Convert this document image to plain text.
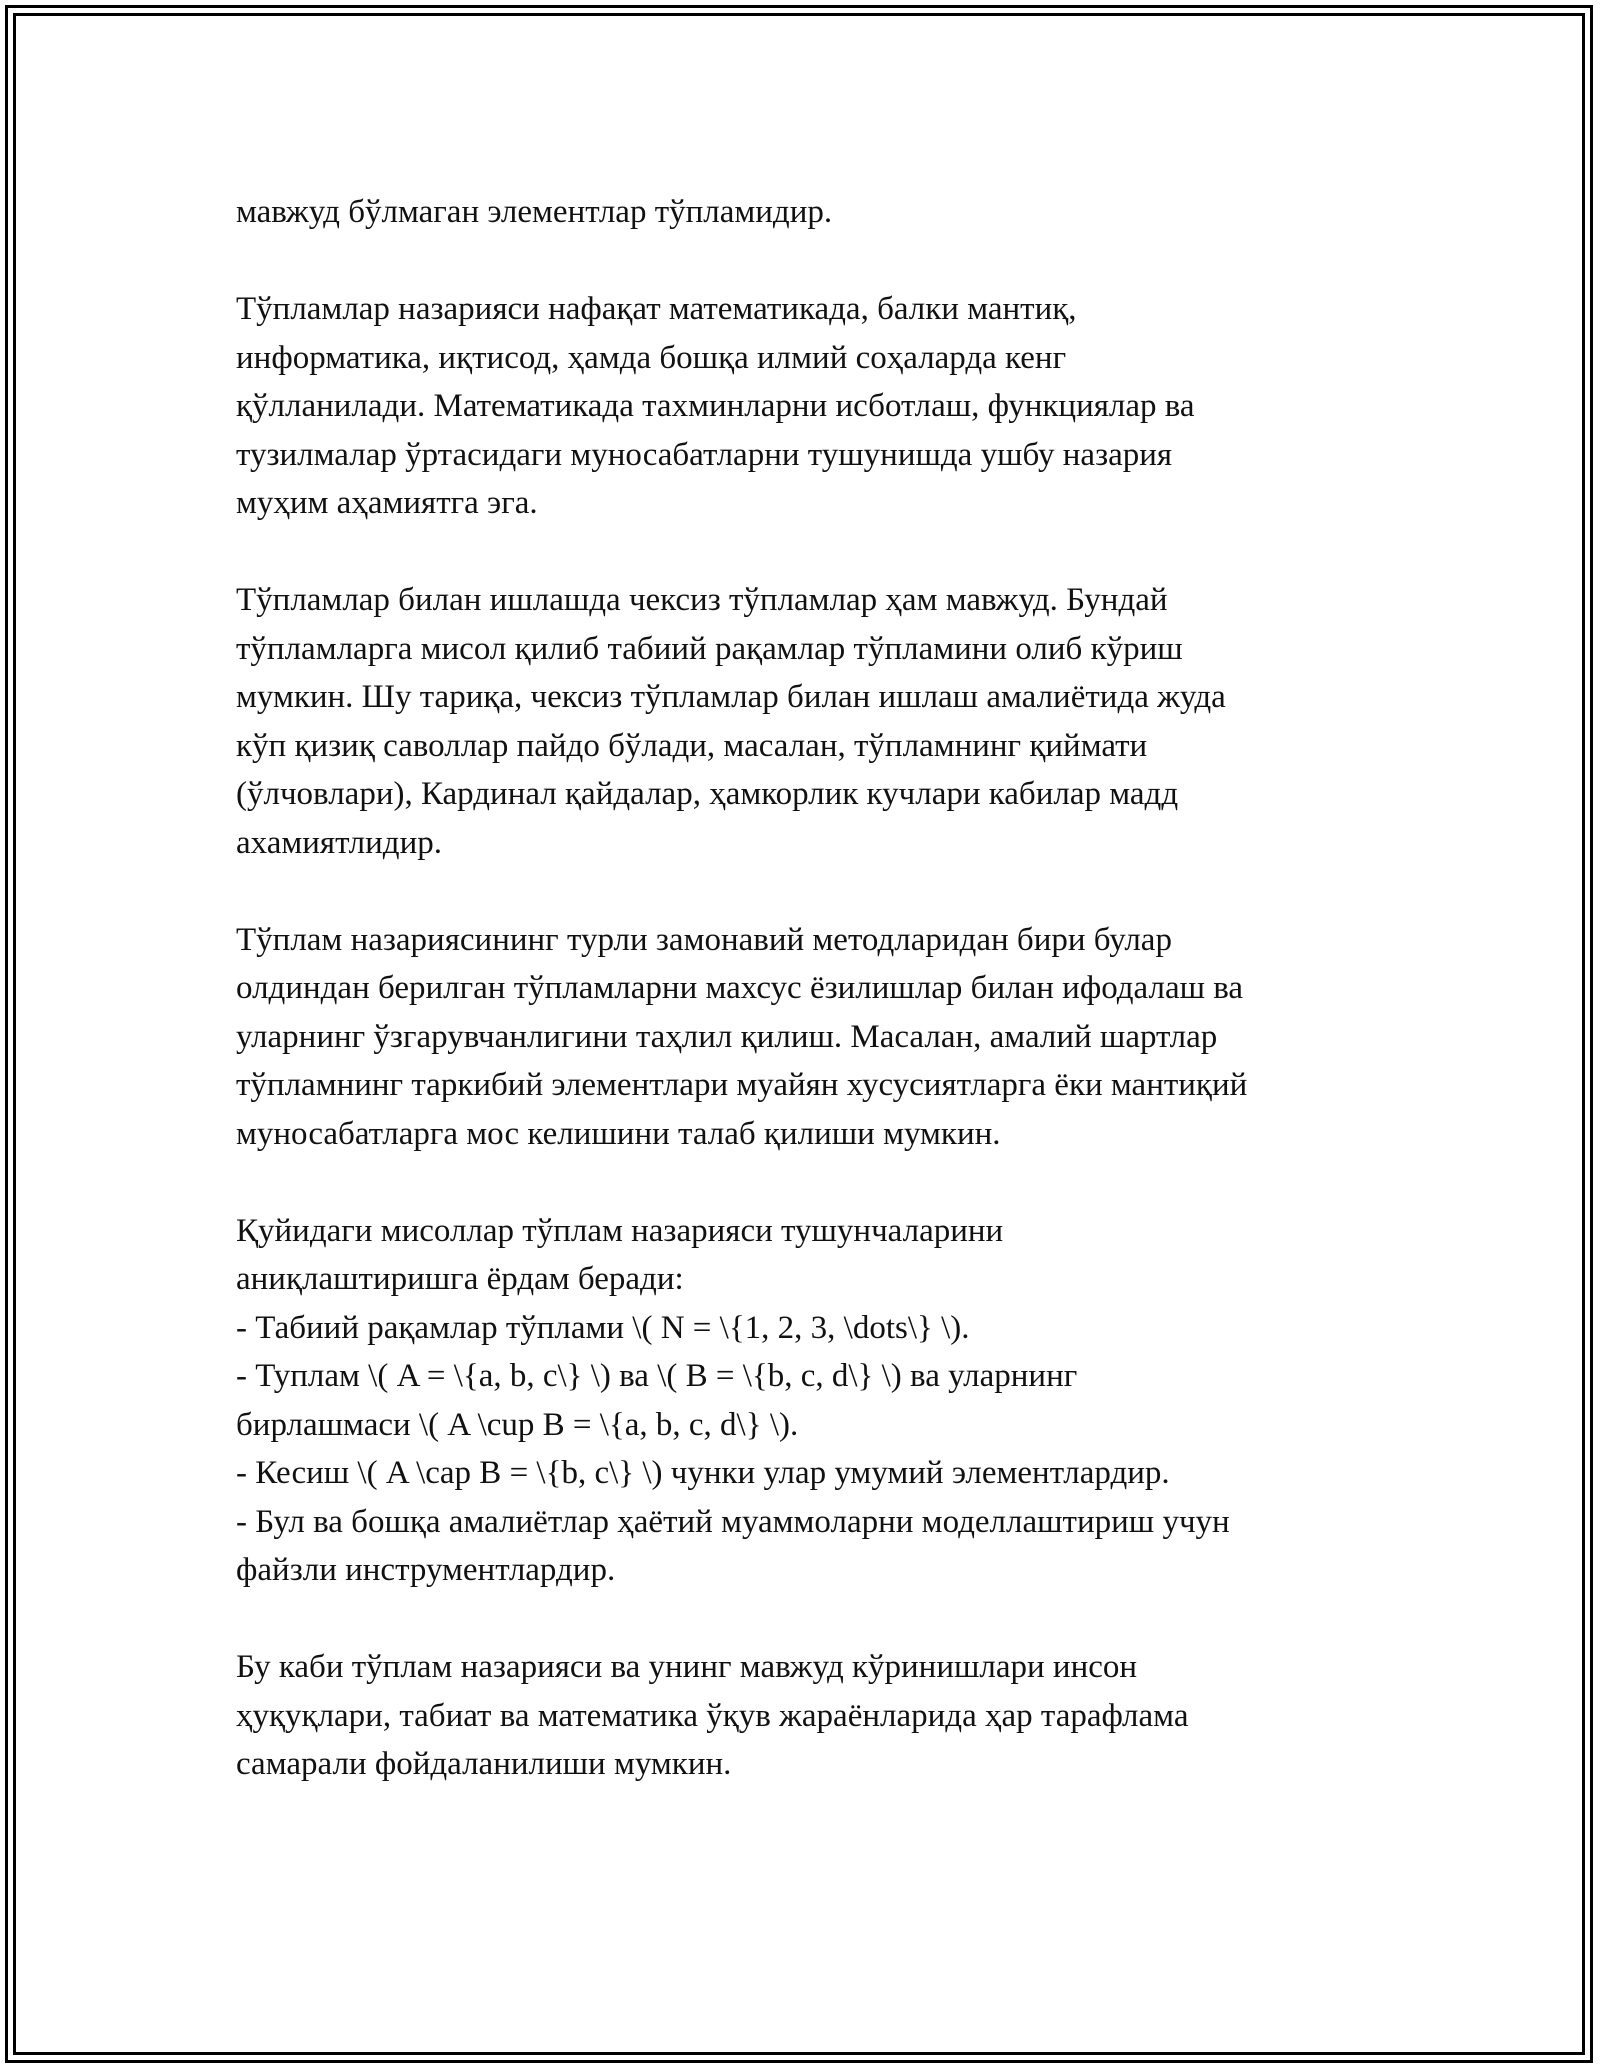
мавжуд бўлмаган элементлар тўпламидир.

Тўпламлар назарияси нафақат математикада, балки мантиқ,
информатика, иқтисод, ҳамда бошқа илмий соҳаларда кенг
қўлланилади. Математикада тахминларни исботлаш, функциялар ва
тузилмалар ўртасидаги муносабатларни тушунишда ушбу назария
муҳим аҳамиятга эга.

Тўпламлар билан ишлашда чексиз тўпламлар ҳам мавжуд. Бундай
тўпламларга мисол қилиб табиий рақамлар тўпламини олиб кўриш
мумкин. Шу тариқа, чексиз тўпламлар билан ишлаш амалиётида жуда
кўп қизиқ саволлар пайдо бўлади, масалан, тўпламнинг қиймати
(ўлчовлари), Кардинал қайдалар, ҳамкорлик кучлари кабилар мадд
ахамиятлидир.

Тўплам назариясининг турли замонавий методларидан бири булар
олдиндан берилган тўпламларни махсус ёзилишлар билан ифодалаш ва
уларнинг ўзгарувчанлигини таҳлил қилиш. Масалан, амалий шартлар
тўпламнинг таркибий элементлари муайян хусусиятларга ёки мантиқий
муносабатларга мос келишини талаб қилиши мумкин.

Қуйидаги мисоллар тўплам назарияси тушунчаларини
аниқлаштиришга ёрдам беради:
- Табиий рақамлар тўплами \( N = \{1, 2, 3, \dots\} \).
- Туплам \( A = \{a, b, c\} \) ва \( B = \{b, c, d\} \) ва уларнинг
бирлашмаси \( A \cup B = \{a, b, c, d\} \).
- Кесиш \( A \cap B = \{b, c\} \) чунки улар умумий элементлардир.
- Бул ва бошқа амалиётлар ҳаётий муаммоларни моделлаштириш учун
файзли инструментлардир.

Бу каби тўплам назарияси ва унинг мавжуд кўринишлари инсон
ҳуқуқлари, табиат ва математика ўқув жараёнларида ҳар тарафлама
самарали фойдаланилиши мумкин.
